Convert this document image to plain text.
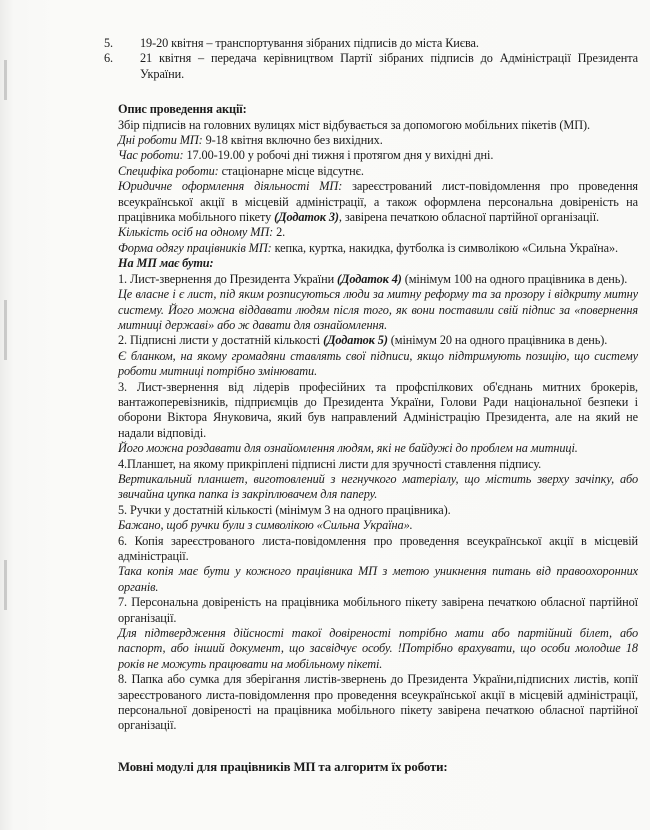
5.	19-20 квітня – транспортування зібраних підписів до міста Києва.
6.	21 квітня – передача керівництвом Партії зібраних підписів до Адміністрації Президента України.

Опис проведення акції:

Збір підписів на головних вулицях міст відбувається за допомогою мобільних пікетів (МП).

Дні роботи МП: 9-18 квітня включно без вихідних.

Час роботи: 17.00-19.00 у робочі дні тижня і протягом дня у вихідні дні.

Специфіка роботи: стаціонарне місце відсутнє.

Юридичне оформлення діяльності МП: зареєстрований лист-повідомлення про проведення всеукраїнської акції в місцевій адміністрації, а також оформлена персональна довіреність на працівника мобільного пікету (Додаток 3), завірена печаткою обласної партійної організації.

Кількість осіб на одному МП: 2.

Форма одягу працівників МП: кепка, куртка, накидка, футболка із символікою «Сильна Україна».

На МП має бути:

1. Лист-звернення до Президента України (Додаток 4) (мінімум 100 на одного працівника в день).

Це власне і є лист, під яким розписуються люди за митну реформу та за прозору і відкриту митну систему. Його можна віддавати людям після того, як вони поставили свій підпис за «повернення митниці державі» або ж давати для ознайомлення.

2. Підписні листи у достатній кількості (Додаток 5) (мінімум 20 на одного працівника в день).

Є бланком, на якому громадяни ставлять свої підписи, якщо підтримують позицію, що систему роботи митниці потрібно змінювати.

3. Лист-звернення від лідерів професійних та профспілкових об'єднань митних брокерів, вантажоперевізників, підприємців до Президента України, Голови Ради національної безпеки і оборони Віктора Януковича, який був направлений Адміністрацію Президента, але на який не надали відповіді.

Його можна роздавати для ознайомлення людям, які не байдужі до проблем на митниці.

4.Планшет, на якому прикріплені підписні листи для зручності ставлення підпису.

Вертикальний планшет, виготовлений з негнучкого матеріалу, що містить зверху зачіпку, або звичайна цупка папка із закріплювачем для паперу.

5. Ручки у достатній кількості (мінімум 3 на одного працівника).

Бажано, щоб ручки були з символікою «Сильна Україна».

6. Копія зареєстрованого листа-повідомлення про проведення всеукраїнської акції в місцевій адміністрації.

Така копія має бути у кожного працівника МП з метою уникнення питань від правоохоронних органів.

7. Персональна довіреність на працівника мобільного пікету завірена печаткою обласної партійної організації.

Для підтвердження дійсності такої довіреності потрібно мати або партійний білет, або паспорт, або інший документ, що засвідчує особу. !Потрібно врахувати, що особи молодше 18 років не можуть працювати на мобільному пікеті.

8. Папка або сумка для зберігання листів-звернень до Президента України,підписних листів, копії зареєстрованого листа-повідомлення про проведення всеукраїнської акції в місцевій адміністрації, персональної довіреності на працівника мобільного пікету завірена печаткою обласної партійної організації.

Мовні модулі для працівників МП та алгоритм їх роботи:
